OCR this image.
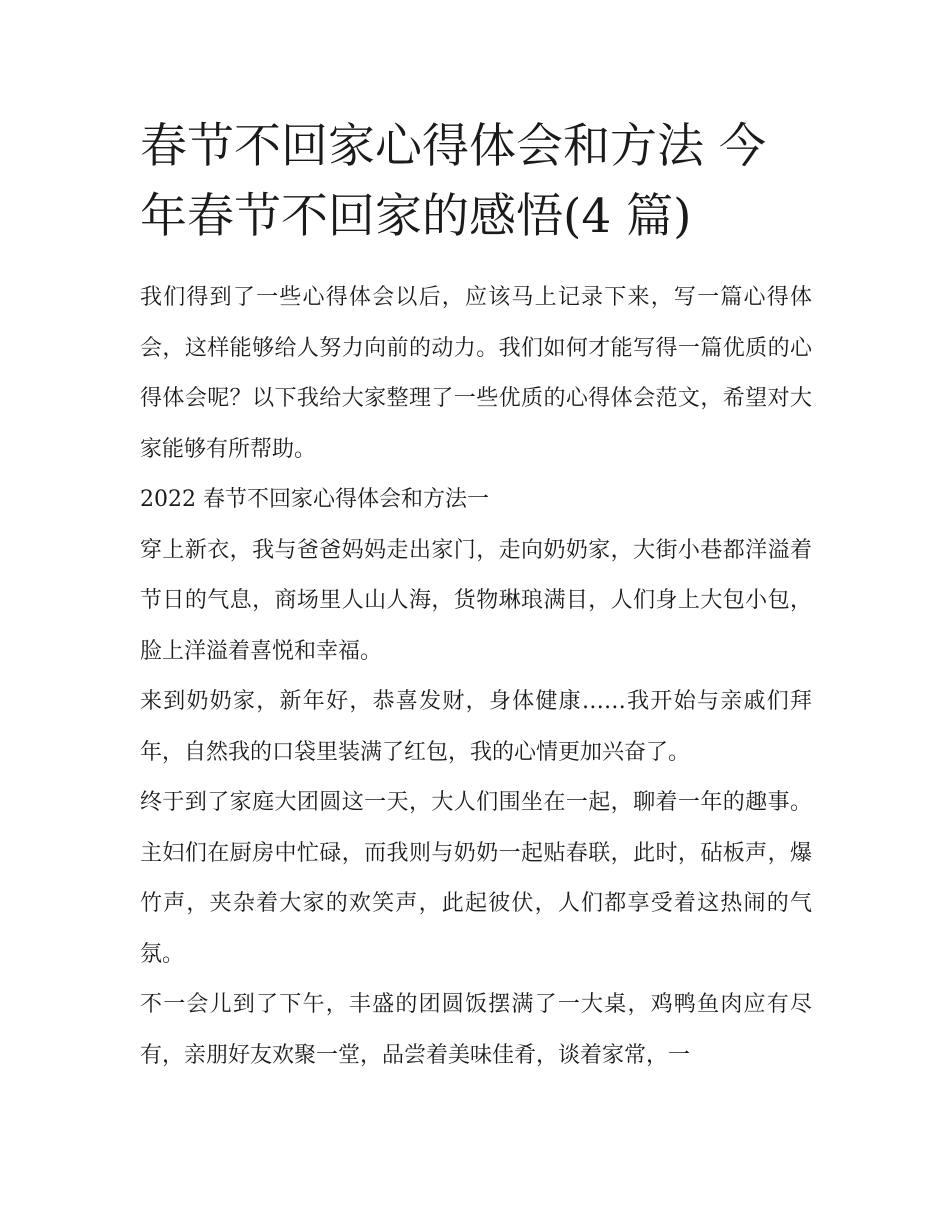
春节不回家心得体会和方法 今年春节不回家的感悟(4 篇)

我们得到了一些心得体会以后，应该马上记录下来，写一篇心得体会，这样能够给人努力向前的动力。我们如何才能写得一篇优质的心得体会呢？以下我给大家整理了一些优质的心得体会范文，希望对大家能够有所帮助。

2022 春节不回家心得体会和方法一

穿上新衣，我与爸爸妈妈走出家门，走向奶奶家，大街小巷都洋溢着节日的气息，商场里人山人海，货物琳琅满目，人们身上大包小包，脸上洋溢着喜悦和幸福。

来到奶奶家，新年好，恭喜发财，身体健康……我开始与亲戚们拜年，自然我的口袋里装满了红包，我的心情更加兴奋了。

终于到了家庭大团圆这一天，大人们围坐在一起，聊着一年的趣事。主妇们在厨房中忙碌，而我则与奶奶一起贴春联，此时，砧板声，爆竹声，夹杂着大家的欢笑声，此起彼伏，人们都享受着这热闹的气氛。

不一会儿到了下午，丰盛的团圆饭摆满了一大桌，鸡鸭鱼肉应有尽有，亲朋好友欢聚一堂，品尝着美味佳肴，谈着家常，一
